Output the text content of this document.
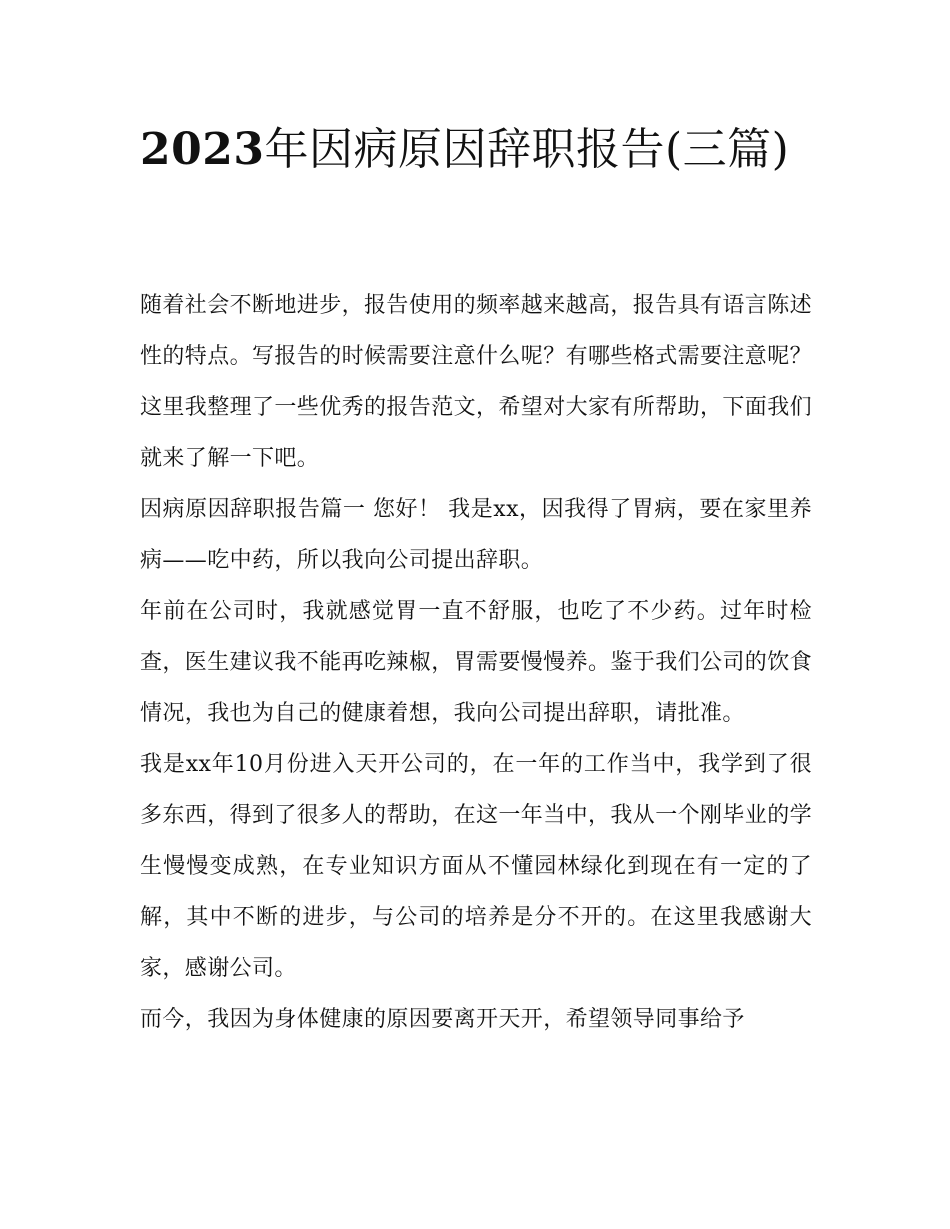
2023年因病原因辞职报告(三篇)

随着社会不断地进步，报告使用的频率越来越高，报告具有语言陈述性的特点。写报告的时候需要注意什么呢？有哪些格式需要注意呢？这里我整理了一些优秀的报告范文，希望对大家有所帮助，下面我们就来了解一下吧。

因病原因辞职报告篇一 您好！ 我是xx，因我得了胃病，要在家里养病——吃中药，所以我向公司提出辞职。

年前在公司时，我就感觉胃一直不舒服，也吃了不少药。过年时检查，医生建议我不能再吃辣椒，胃需要慢慢养。鉴于我们公司的饮食情况，我也为自己的健康着想，我向公司提出辞职，请批准。

我是xx年10月份进入天开公司的，在一年的工作当中，我学到了很多东西，得到了很多人的帮助，在这一年当中，我从一个刚毕业的学生慢慢变成熟，在专业知识方面从不懂园林绿化到现在有一定的了解，其中不断的进步，与公司的培养是分不开的。在这里我感谢大家，感谢公司。

而今，我因为身体健康的原因要离开天开，希望领导同事给予
